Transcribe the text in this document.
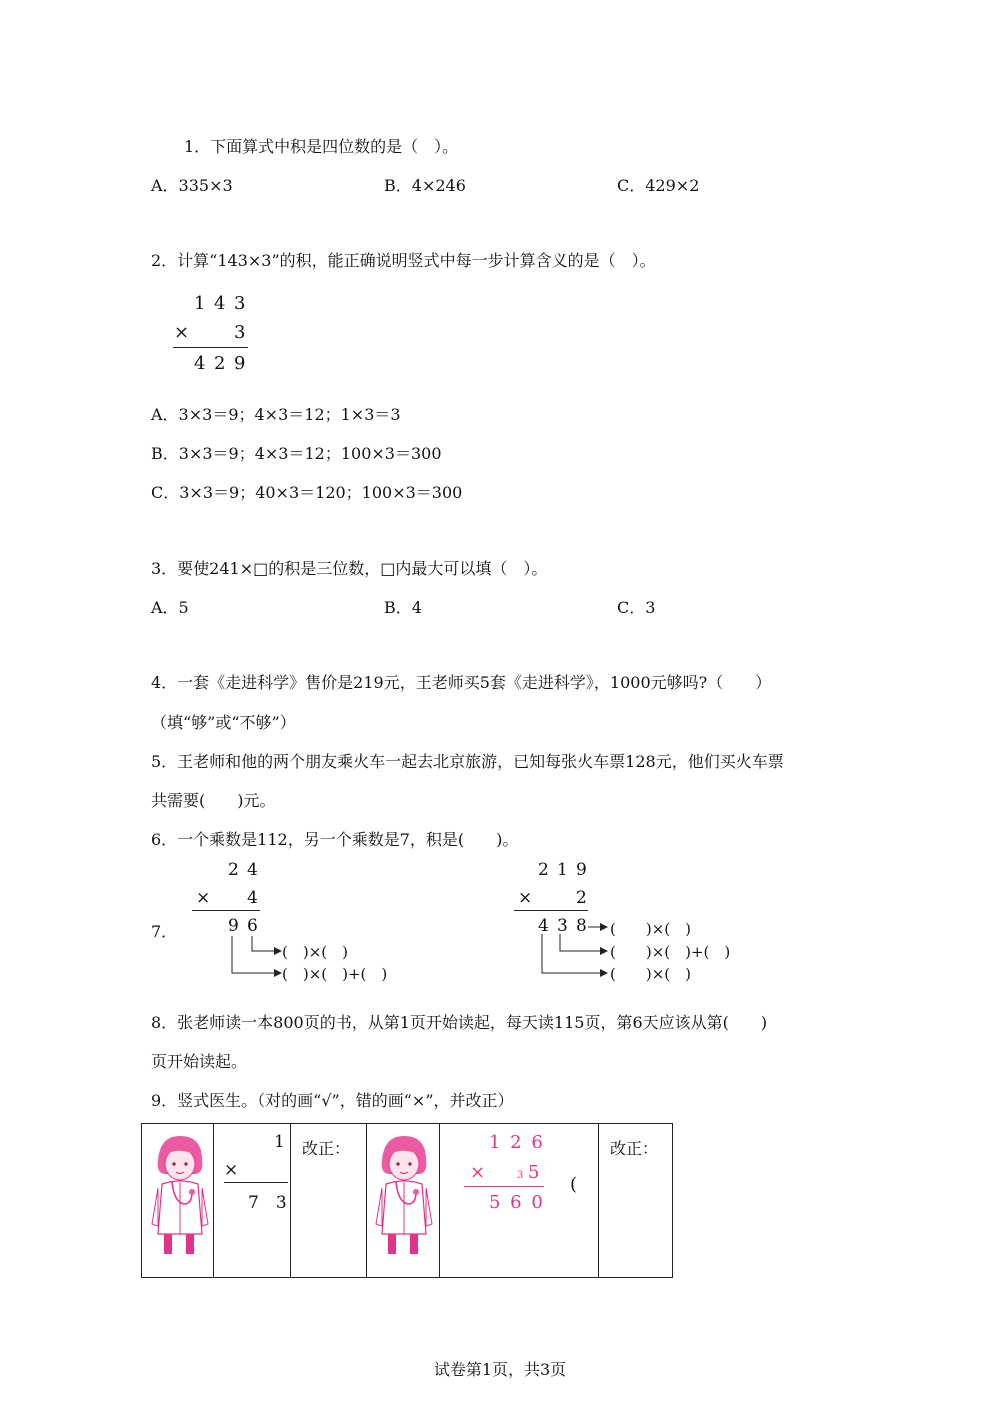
1．下面算式中积是四位数的是（　）。
A．335×3	B．4×246	C．429×2
2．计算“143×3”的积，能正确说明竖式中每一步计算含义的是（　）。
1 4 3
× 3
4 2 9
A．3×3＝9；4×3＝12；1×3＝3
B．3×3＝9；4×3＝12；100×3＝300
C．3×3＝9；40×3＝120；100×3＝300
3．要使241×□的积是三位数，□内最大可以填（　）。
A．5	B．4	C．3
4．一套《走进科学》售价是219元，王老师买5套《走进科学》，1000元够吗?（　　）
（填“够”或“不够”）
5．王老师和他的两个朋友乘火车一起去北京旅游，已知每张火车票128元，他们买火车票
共需要(　　)元。
6．一个乘数是112，另一个乘数是7，积是(　　)。
7．
2 4
× 4
9 6
(　)×(　)
(　)×(　)+(　)
2 1 9
×	2
4 3 8 (　　)×(　)
(　　)×(　)+(　)
(　　)×(　)
8．张老师读一本800页的书，从第1页开始读起，每天读115页，第6天应该从第(　　)
页开始读起。
9．竖式医生。（对的画“√”，错的画“×”，并改正）
1
×
7　3
改正：	1 2 6
×	3 5
5 6 0
(
改正：
试卷第1页，共3页
